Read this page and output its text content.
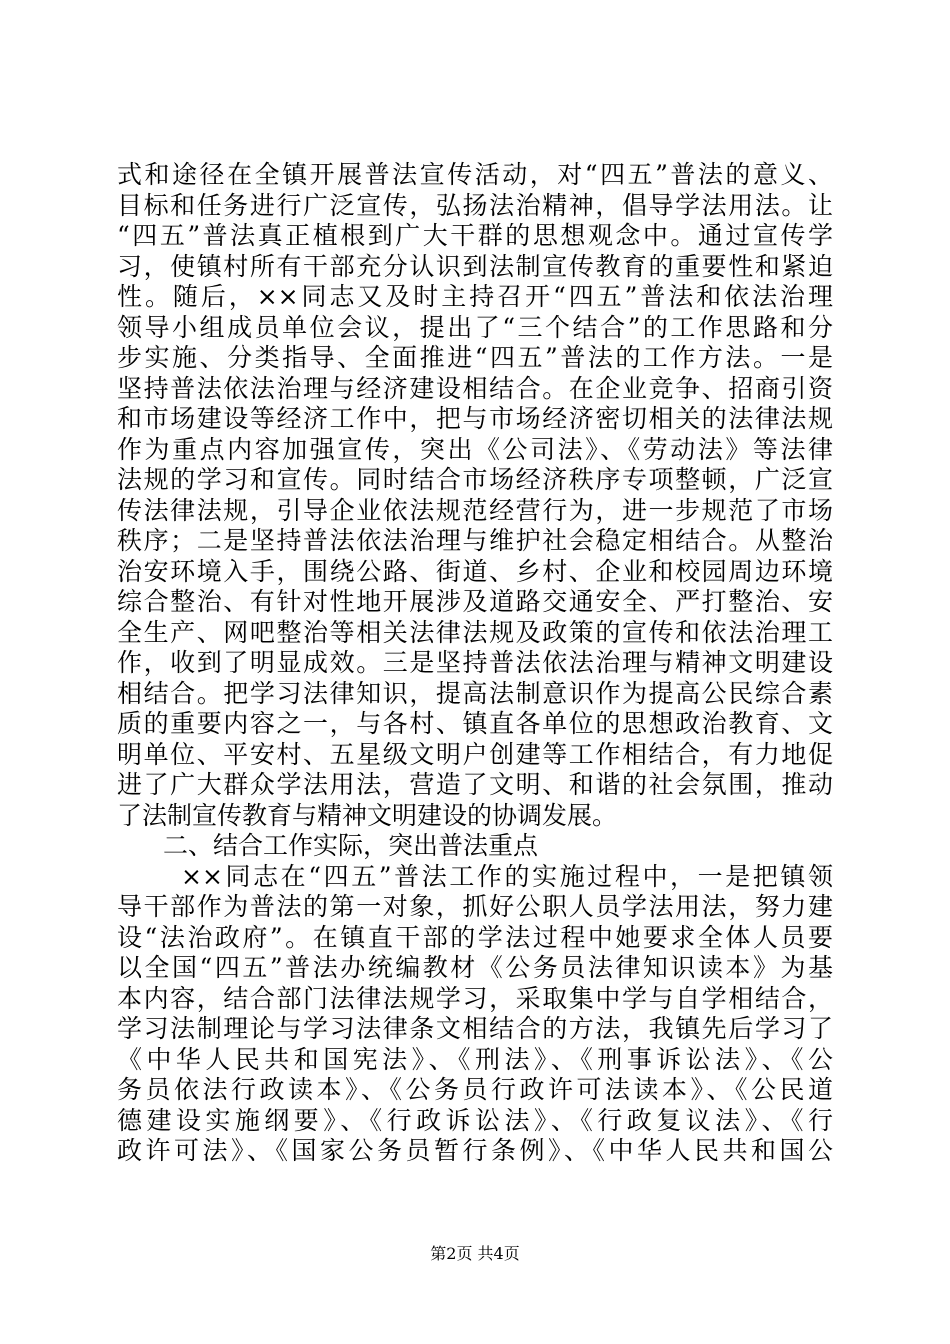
式和途径在全镇开展普法宣传活动，对“四五”普法的意义、
目标和任务进行广泛宣传，弘扬法治精神，倡导学法用法。让
“四五”普法真正植根到广大干群的思想观念中。通过宣传学
习，使镇村所有干部充分认识到法制宣传教育的重要性和紧迫
性。随后，××同志又及时主持召开“四五”普法和依法治理
领导小组成员单位会议，提出了“三个结合”的工作思路和分
步实施、分类指导、全面推进“四五”普法的工作方法。一是
坚持普法依法治理与经济建设相结合。在企业竞争、招商引资
和市场建设等经济工作中，把与市场经济密切相关的法律法规
作为重点内容加强宣传，突出《公司法》、《劳动法》等法律
法规的学习和宣传。同时结合市场经济秩序专项整顿，广泛宣
传法律法规，引导企业依法规范经营行为，进一步规范了市场
秩序；二是坚持普法依法治理与维护社会稳定相结合。从整治
治安环境入手，围绕公路、街道、乡村、企业和校园周边环境
综合整治、有针对性地开展涉及道路交通安全、严打整治、安
全生产、网吧整治等相关法律法规及政策的宣传和依法治理工
作，收到了明显成效。三是坚持普法依法治理与精神文明建设
相结合。把学习法律知识，提高法制意识作为提高公民综合素
质的重要内容之一，与各村、镇直各单位的思想政治教育、文
明单位、平安村、五星级文明户创建等工作相结合，有力地促
进了广大群众学法用法，营造了文明、和谐的社会氛围，推动
了法制宣传教育与精神文明建设的协调发展。
二、结合工作实际，突出普法重点
××同志在“四五”普法工作的实施过程中，一是把镇领
导干部作为普法的第一对象，抓好公职人员学法用法，努力建
设“法治政府”。在镇直干部的学法过程中她要求全体人员要
以全国“四五”普法办统编教材《公务员法律知识读本》为基
本内容，结合部门法律法规学习，采取集中学与自学相结合，
学习法制理论与学习法律条文相结合的方法，我镇先后学习了
《中华人民共和国宪法》、《刑法》、《刑事诉讼法》、《公
务员依法行政读本》、《公务员行政许可法读本》、《公民道
德建设实施纲要》、《行政诉讼法》、《行政复议法》、《行
政许可法》、《国家公务员暂行条例》、《中华人民共和国公
第2页 共4页
